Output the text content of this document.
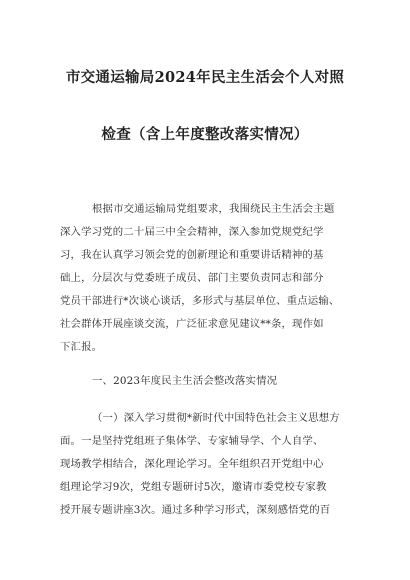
市交通运输局2024年民主生活会个人对照
检查（含上年度整改落实情况）
根据市交通运输局党组要求，我围绕民主生活会主题
深入学习党的二十届三中全会精神，深入参加党规党纪学
习，我在认真学习领会党的创新理论和重要讲话精神的基
础上，分层次与党委班子成员、部门主要负责同志和部分
党员干部进行*次谈心谈话，多形式与基层单位、重点运输、
社会群体开展座谈交流，广泛征求意见建议**条，现作如
下汇报。
一、2023年度民主生活会整改落实情况
（一）深入学习贯彻*新时代中国特色社会主义思想方
面。一是坚持党组班子集体学、专家辅导学、个人自学、
现场教学相结合，深化理论学习。全年组织召开党组中心
组理论学习9次，党组专题研讨5次，邀请市委党校专家教
授开展专题讲座3次。通过多种学习形式，深刻感悟党的百
